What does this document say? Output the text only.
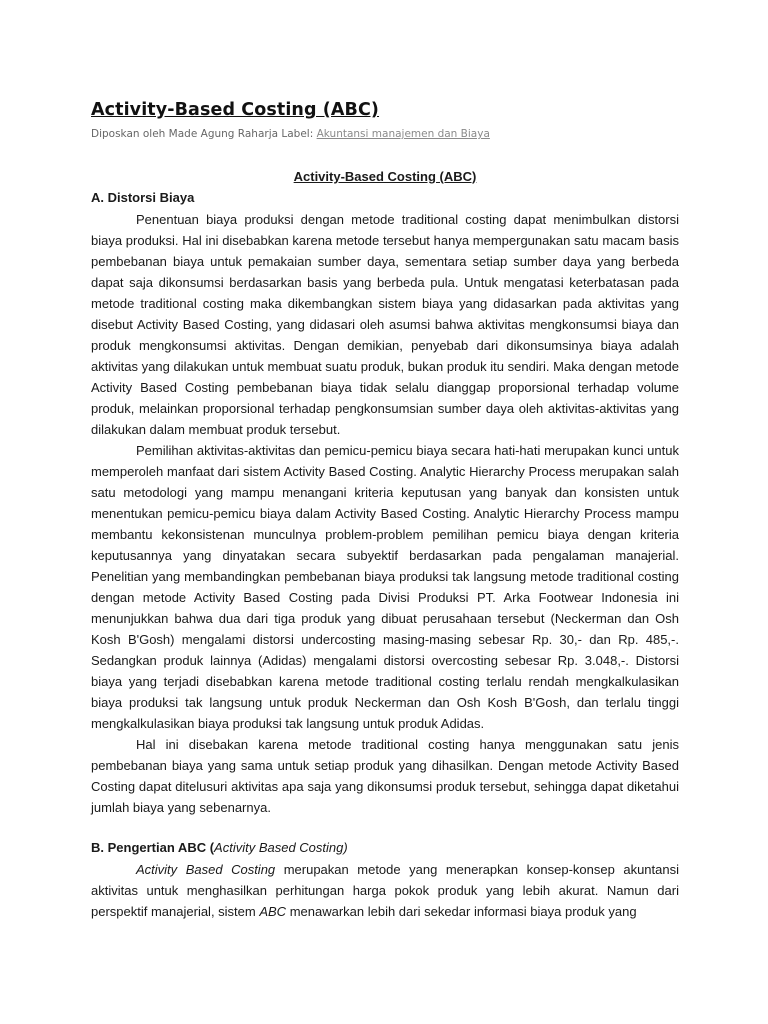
Activity-Based Costing (ABC)
Diposkan oleh Made Agung Raharja Label: Akuntansi manajemen dan Biaya
Activity-Based Costing (ABC)
A. Distorsi Biaya

Penentuan biaya produksi dengan metode traditional costing dapat menimbulkan distorsi biaya produksi. Hal ini disebabkan karena metode tersebut hanya mempergunakan satu macam basis pembebanan biaya untuk pemakaian sumber daya, sementara setiap sumber daya yang berbeda dapat saja dikonsumsi berdasarkan basis yang berbeda pula. Untuk mengatasi keterbatasan pada metode traditional costing maka dikembangkan sistem biaya yang didasarkan pada aktivitas yang disebut Activity Based Costing, yang didasari oleh asumsi bahwa aktivitas mengkonsumsi biaya dan produk mengkonsumsi aktivitas. Dengan demikian, penyebab dari dikonsumsinya biaya adalah aktivitas yang dilakukan untuk membuat suatu produk, bukan produk itu sendiri. Maka dengan metode Activity Based Costing pembebanan biaya tidak selalu dianggap proporsional terhadap volume produk, melainkan proporsional terhadap pengkonsumsian sumber daya oleh aktivitas-aktivitas yang dilakukan dalam membuat produk tersebut.

Pemilihan aktivitas-aktivitas dan pemicu-pemicu biaya secara hati-hati merupakan kunci untuk memperoleh manfaat dari sistem Activity Based Costing. Analytic Hierarchy Process merupakan salah satu metodologi yang mampu menangani kriteria keputusan yang banyak dan konsisten untuk menentukan pemicu-pemicu biaya dalam Activity Based Costing. Analytic Hierarchy Process mampu membantu kekonsistenan munculnya problem-problem pemilihan pemicu biaya dengan kriteria keputusannya yang dinyatakan secara subyektif berdasarkan pada pengalaman manajerial. Penelitian yang membandingkan pembebanan biaya produksi tak langsung metode traditional costing dengan metode Activity Based Costing pada Divisi Produksi PT. Arka Footwear Indonesia ini menunjukkan bahwa dua dari tiga produk yang dibuat perusahaan tersebut (Neckerman dan Osh Kosh B'Gosh) mengalami distorsi undercosting masing-masing sebesar Rp. 30,- dan Rp. 485,-. Sedangkan produk lainnya (Adidas) mengalami distorsi overcosting sebesar Rp. 3.048,-. Distorsi biaya yang terjadi disebabkan karena metode traditional costing terlalu rendah mengkalkulasikan biaya produksi tak langsung untuk produk Neckerman dan Osh Kosh B'Gosh, dan terlalu tinggi mengkalkulasikan biaya produksi tak langsung untuk produk Adidas.

Hal ini disebakan karena metode traditional costing hanya menggunakan satu jenis pembebanan biaya yang sama untuk setiap produk yang dihasilkan. Dengan metode Activity Based Costing dapat ditelusuri aktivitas apa saja yang dikonsumsi produk tersebut, sehingga dapat diketahui jumlah biaya yang sebenarnya.

B. Pengertian ABC (Activity Based Costing)

Activity Based Costing merupakan metode yang menerapkan konsep-konsep akuntansi aktivitas untuk menghasilkan perhitungan harga pokok produk yang lebih akurat. Namun dari perspektif manajerial, sistem ABC menawarkan lebih dari sekedar informasi biaya produk yang
